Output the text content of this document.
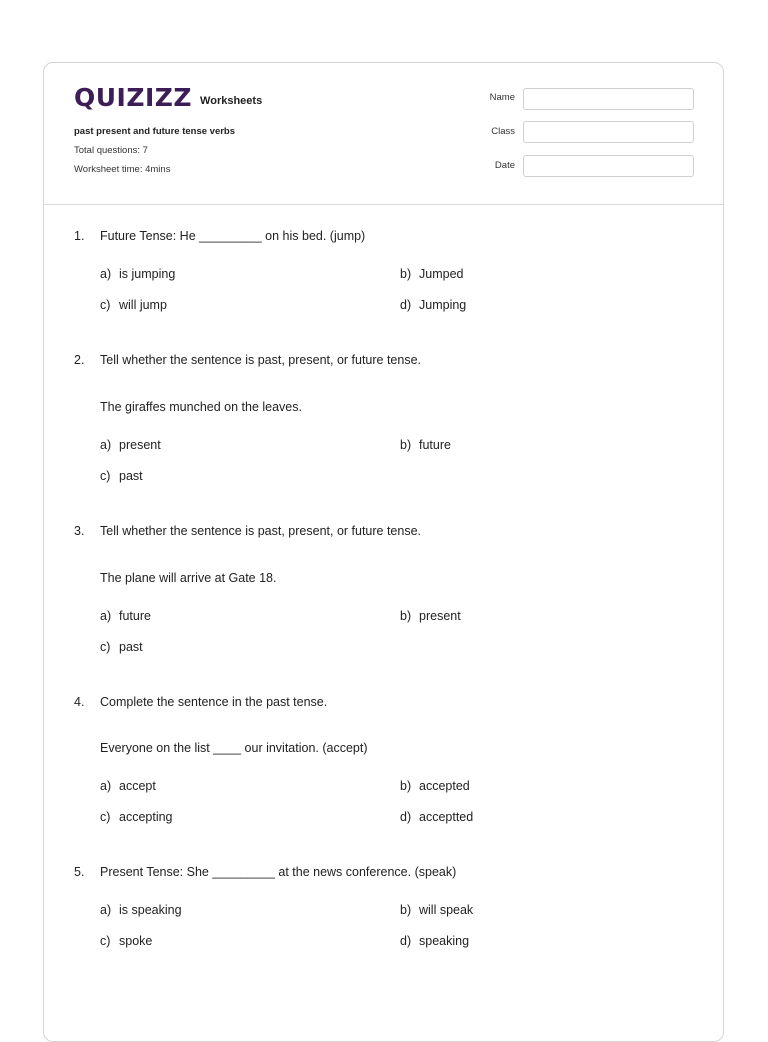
QUIZIZZ Worksheets
past present and future tense verbs
Total questions: 7
Worksheet time: 4mins
Name
Class
Date
1. Future Tense: He _________ on his bed. (jump)
a) is jumping	b) Jumped
c) will jump	d) Jumping
2. Tell whether the sentence is past, present, or future tense.
The giraffes munched on the leaves.
a) present	b) future
c) past
3. Tell whether the sentence is past, present, or future tense.
The plane will arrive at Gate 18.
a) future	b) present
c) past
4. Complete the sentence in the past tense.
Everyone on the list ____ our invitation. (accept)
a) accept	b) accepted
c) accepting	d) acceptted
5. Present Tense: She _________ at the news conference. (speak)
a) is speaking	b) will speak
c) spoke	d) speaking
